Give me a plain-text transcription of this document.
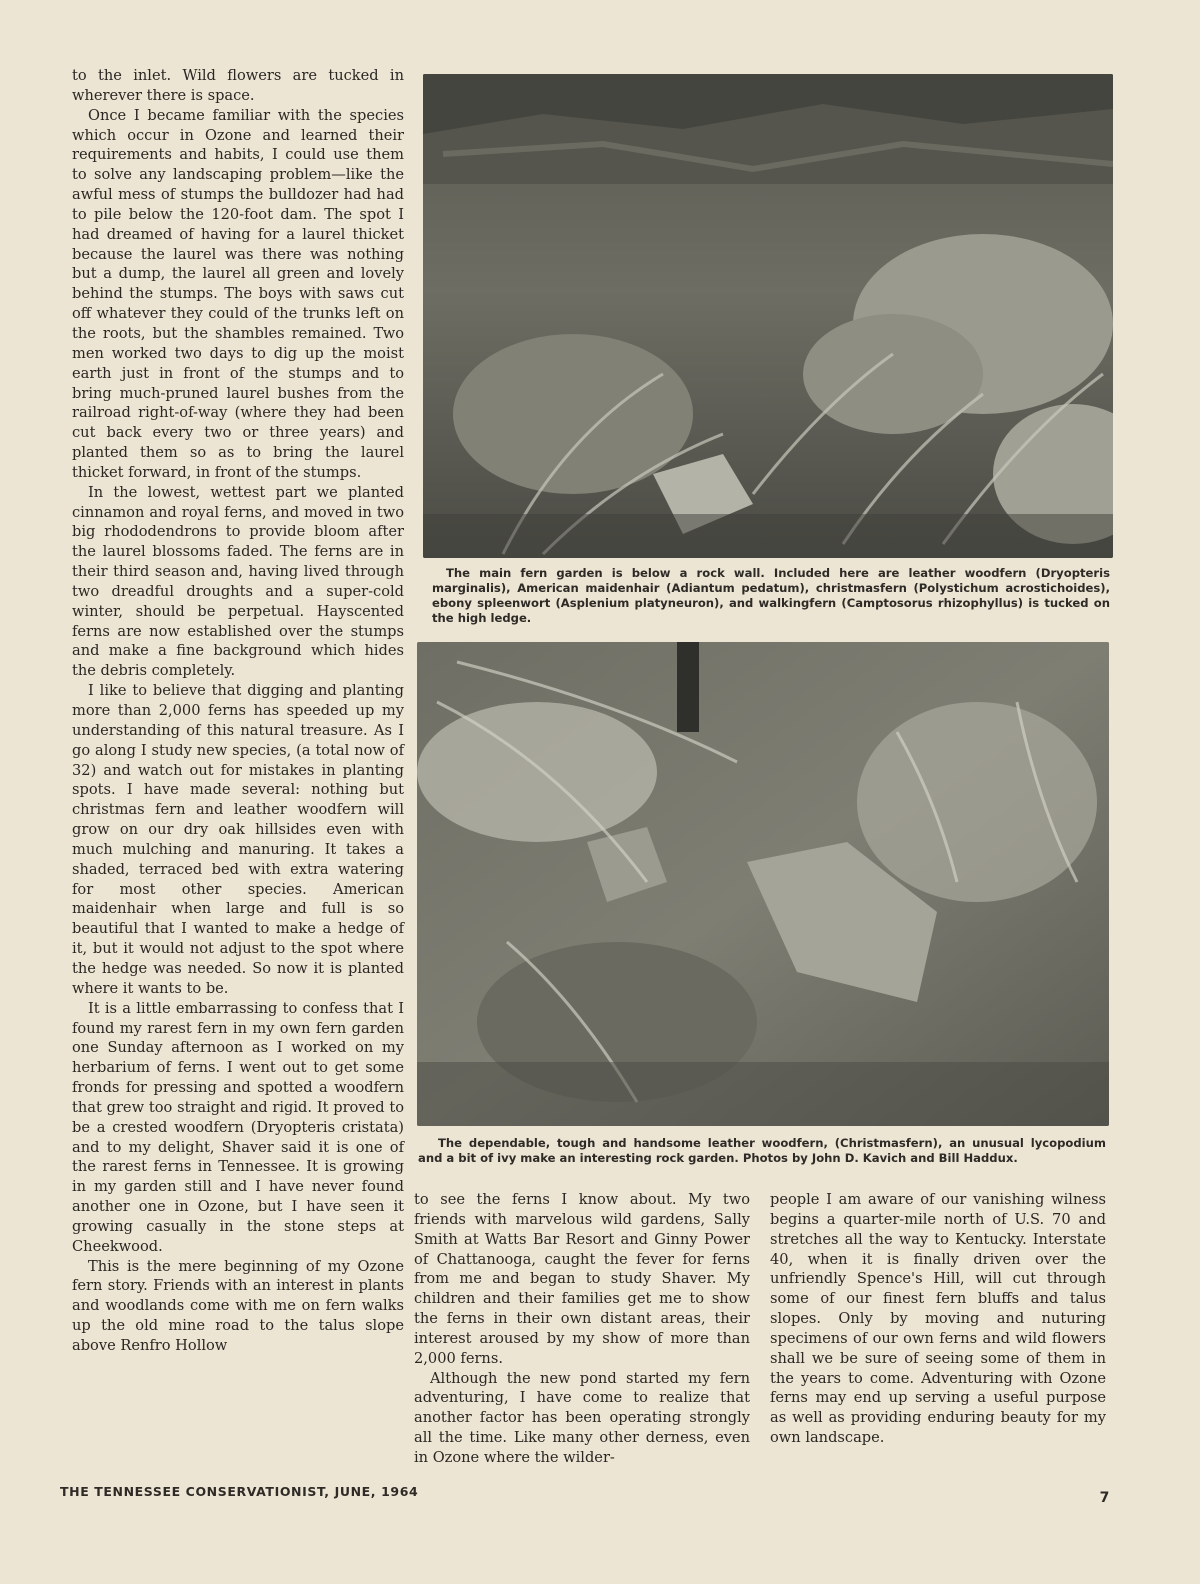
to the inlet. Wild flowers are tucked in wherever there is space.

Once I became familiar with the species which occur in Ozone and learned their requirements and habits, I could use them to solve any landscaping problem—like the awful mess of stumps the bulldozer had had to pile below the 120-foot dam. The spot I had dreamed of having for a laurel thicket because the laurel was there was nothing but a dump, the laurel all green and lovely behind the stumps. The boys with saws cut off whatever they could of the trunks left on the roots, but the shambles remained. Two men worked two days to dig up the moist earth just in front of the stumps and to bring much-pruned laurel bushes from the railroad right-of-way (where they had been cut back every two or three years) and planted them so as to bring the laurel thicket forward, in front of the stumps.

In the lowest, wettest part we planted cinnamon and royal ferns, and moved in two big rhododendrons to provide bloom after the laurel blossoms faded. The ferns are in their third season and, having lived through two dreadful droughts and a super-cold winter, should be perpetual. Hayscented ferns are now established over the stumps and make a fine background which hides the debris completely.

I like to believe that digging and planting more than 2,000 ferns has speeded up my understanding of this natural treasure. As I go along I study new species, (a total now of 32) and watch out for mistakes in planting spots. I have made several: nothing but christmas fern and leather woodfern will grow on our dry oak hillsides even with much mulching and manuring. It takes a shaded, terraced bed with extra watering for most other species. American maidenhair when large and full is so beautiful that I wanted to make a hedge of it, but it would not adjust to the spot where the hedge was needed. So now it is planted where it wants to be.

It is a little embarrassing to confess that I found my rarest fern in my own fern garden one Sunday afternoon as I worked on my herbarium of ferns. I went out to get some fronds for pressing and spotted a woodfern that grew too straight and rigid. It proved to be a crested woodfern (Dryopteris cristata) and to my delight, Shaver said it is one of the rarest ferns in Tennessee. It is growing in my garden still and I have never found another one in Ozone, but I have seen it growing casually in the stone steps at Cheekwood.

This is the mere beginning of my Ozone fern story. Friends with an interest in plants and woodlands come with me on fern walks up the old mine road to the talus slope above Renfro Hollow

The main fern garden is below a rock wall. Included here are leather woodfern (Dryopteris marginalis), American maidenhair (Adiantum pedatum), christmasfern (Polystichum acrostichoides), ebony spleenwort (Asplenium platyneuron), and walkingfern (Camptosorus rhizophyllus) is tucked on the high ledge.
The dependable, tough and handsome leather woodfern, (Christmasfern), an unusual lycopodium and a bit of ivy make an interesting rock garden. Photos by John D. Kavich and Bill Haddux.

to see the ferns I know about. My two friends with marvelous wild gardens, Sally Smith at Watts Bar Resort and Ginny Power of Chattanooga, caught the fever for ferns from me and began to study Shaver. My children and their families get me to show the ferns in their own distant areas, their interest aroused by my show of more than 2,000 ferns.

Although the new pond started my fern adventuring, I have come to realize that another factor has been operating strongly all the time. Like many other derness, even in Ozone where the wilder-

people I am aware of our vanishing wilness begins a quarter-mile north of U.S. 70 and stretches all the way to Kentucky. Interstate 40, when it is finally driven over the unfriendly Spence's Hill, will cut through some of our finest fern bluffs and talus slopes. Only by moving and nuturing specimens of our own ferns and wild flowers shall we be sure of seeing some of them in the years to come. Adventuring with Ozone ferns may end up serving a useful purpose as well as providing enduring beauty for my own landscape.

THE TENNESSEE CONSERVATIONIST, JUNE, 1964	7
